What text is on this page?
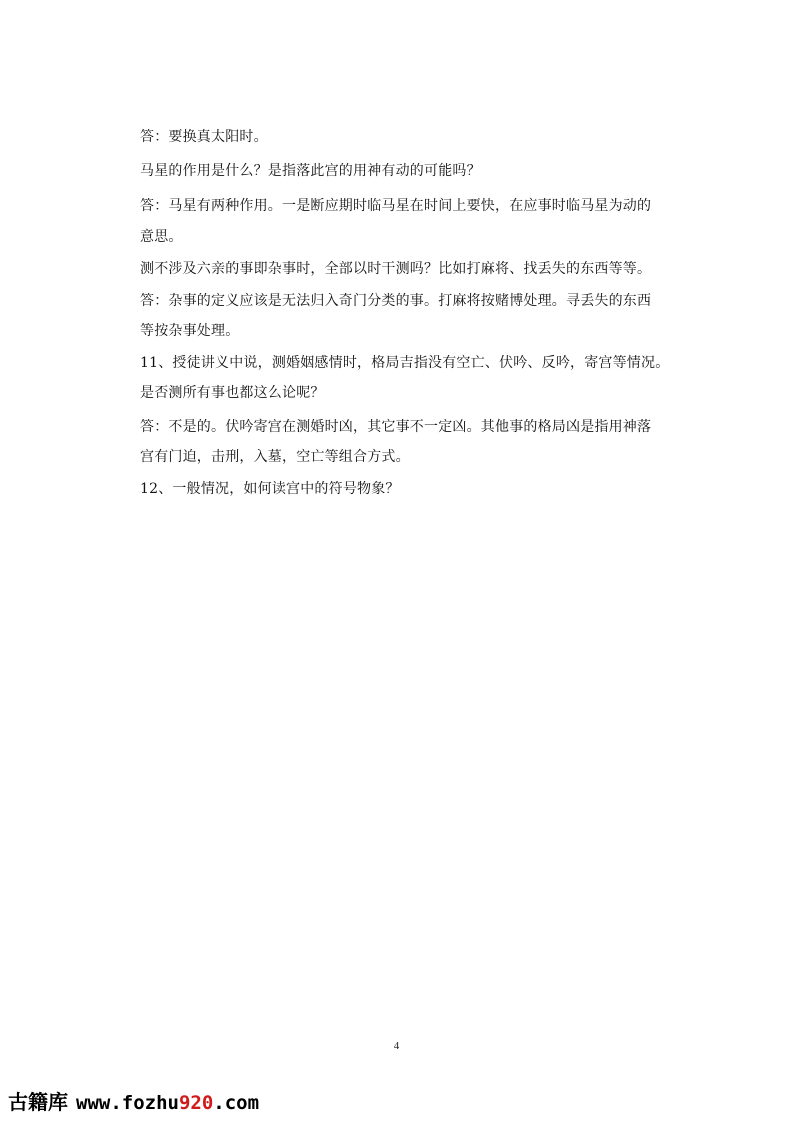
答：要换真太阳时。
马星的作用是什么？是指落此宫的用神有动的可能吗？
答：马星有两种作用。一是断应期时临马星在时间上要快，在应事时临马星为动的
意思。
测不涉及六亲的事即杂事时，全部以时干测吗？比如打麻将、找丢失的东西等等。
答：杂事的定义应该是无法归入奇门分类的事。打麻将按赌博处理。寻丢失的东西
等按杂事处理。
11、授徒讲义中说，测婚姻感情时，格局吉指没有空亡、伏吟、反吟，寄宫等情况。
是否测所有事也都这么论呢？
答：不是的。伏吟寄宫在测婚时凶，其它事不一定凶。其他事的格局凶是指用神落
宫有门迫，击刑，入墓，空亡等组合方式。
12、一般情况，如何读宫中的符号物象？
4
古籍库 www.fozhu920.com
